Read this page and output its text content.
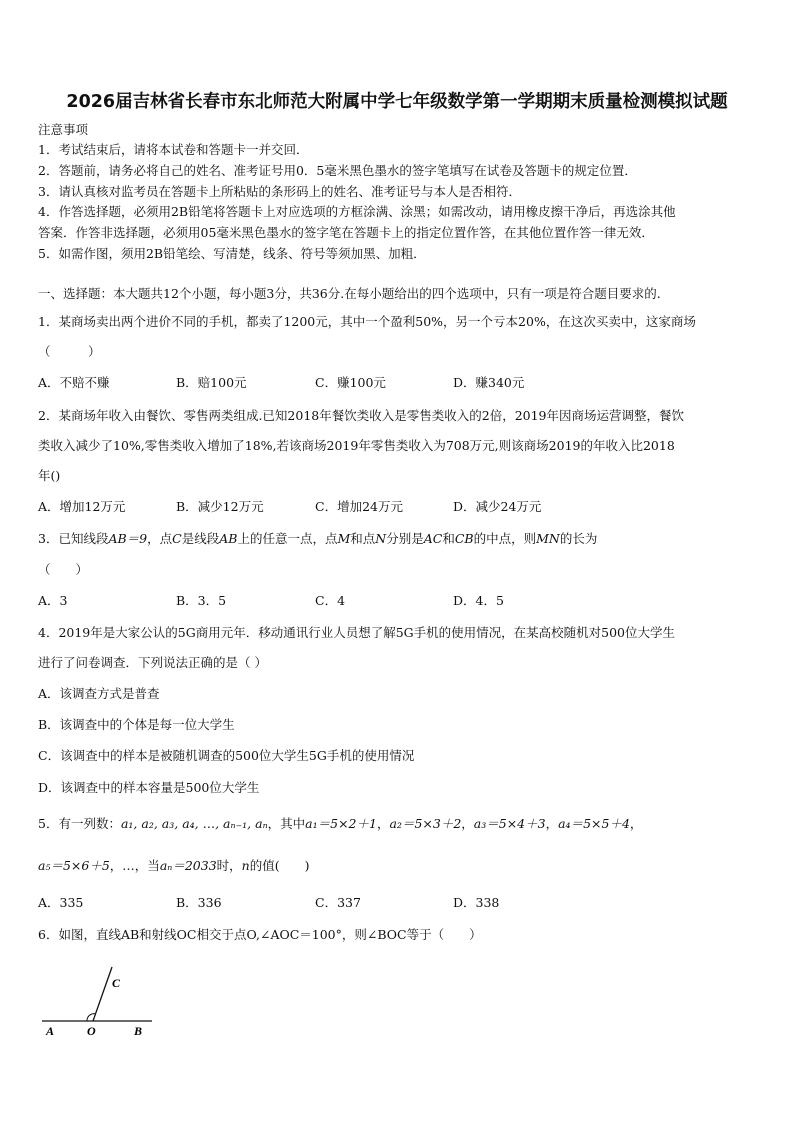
2026届吉林省长春市东北师范大附属中学七年级数学第一学期期末质量检测模拟试题
注意事项
1．考试结束后，请将本试卷和答题卡一并交回．
2．答题前，请务必将自己的姓名、准考证号用0．5毫米黑色墨水的签字笔填写在试卷及答题卡的规定位置．
3．请认真核对监考员在答题卡上所粘贴的条形码上的姓名、准考证号与本人是否相符．
4．作答选择题，必须用2B铅笔将答题卡上对应选项的方框涂满、涂黑；如需改动，请用橡皮擦干净后，再选涂其他
答案．作答非选择题，必须用05毫米黑色墨水的签字笔在答题卡上的指定位置作答，在其他位置作答一律无效．
5．如需作图，须用2B铅笔绘、写清楚，线条、符号等须加黑、加粗．
一、选择题：本大题共12个小题，每小题3分，共36分.在每小题给出的四个选项中，只有一项是符合题目要求的.
1．某商场卖出两个进价不同的手机，都卖了1200元，其中一个盈利50%，另一个亏本20%，在这次买卖中，这家商场
（　　　）
A．不赔不赚	B．赔100元	C．赚100元	D．赚340元
2．某商场年收入由餐饮、零售两类组成.已知2018年餐饮类收入是零售类收入的2倍，2019年因商场运营调整，餐饮
类收入减少了10%,零售类收入增加了18%,若该商场2019年零售类收入为708万元,则该商场2019的年收入比2018
年()
A．增加12万元	B．减少12万元	C．增加24万元	D．减少24万元
3．已知线段AB＝9，点C是线段AB上的任意一点，点M和点N分别是AC和CB的中点，则MN的长为
（　　）
A．3	B．3．5	C．4	D．4．5
4．2019年是大家公认的5G商用元年．移动通讯行业人员想了解5G手机的使用情况，在某高校随机对500位大学生
进行了问卷调查．下列说法正确的是（ ）
A．该调查方式是普查
B．该调查中的个体是每一位大学生
C．该调查中的样本是被随机调查的500位大学生5G手机的使用情况
D．该调查中的样本容量是500位大学生
5．有一列数：a₁, a₂, a₃, a₄, …, aₙ₋₁, aₙ，其中a₁＝5×2＋1，a₂＝5×3＋2，a₃＝5×4＋3，a₄＝5×5＋4，
a₅＝5×6＋5，…，当aₙ＝2033时，n的值(　　)
A．335	B．336	C．337	D．338
6．如图，直线AB和射线OC相交于点O,∠AOC＝100°，则∠BOC等于（　　）
A	O	B
C
